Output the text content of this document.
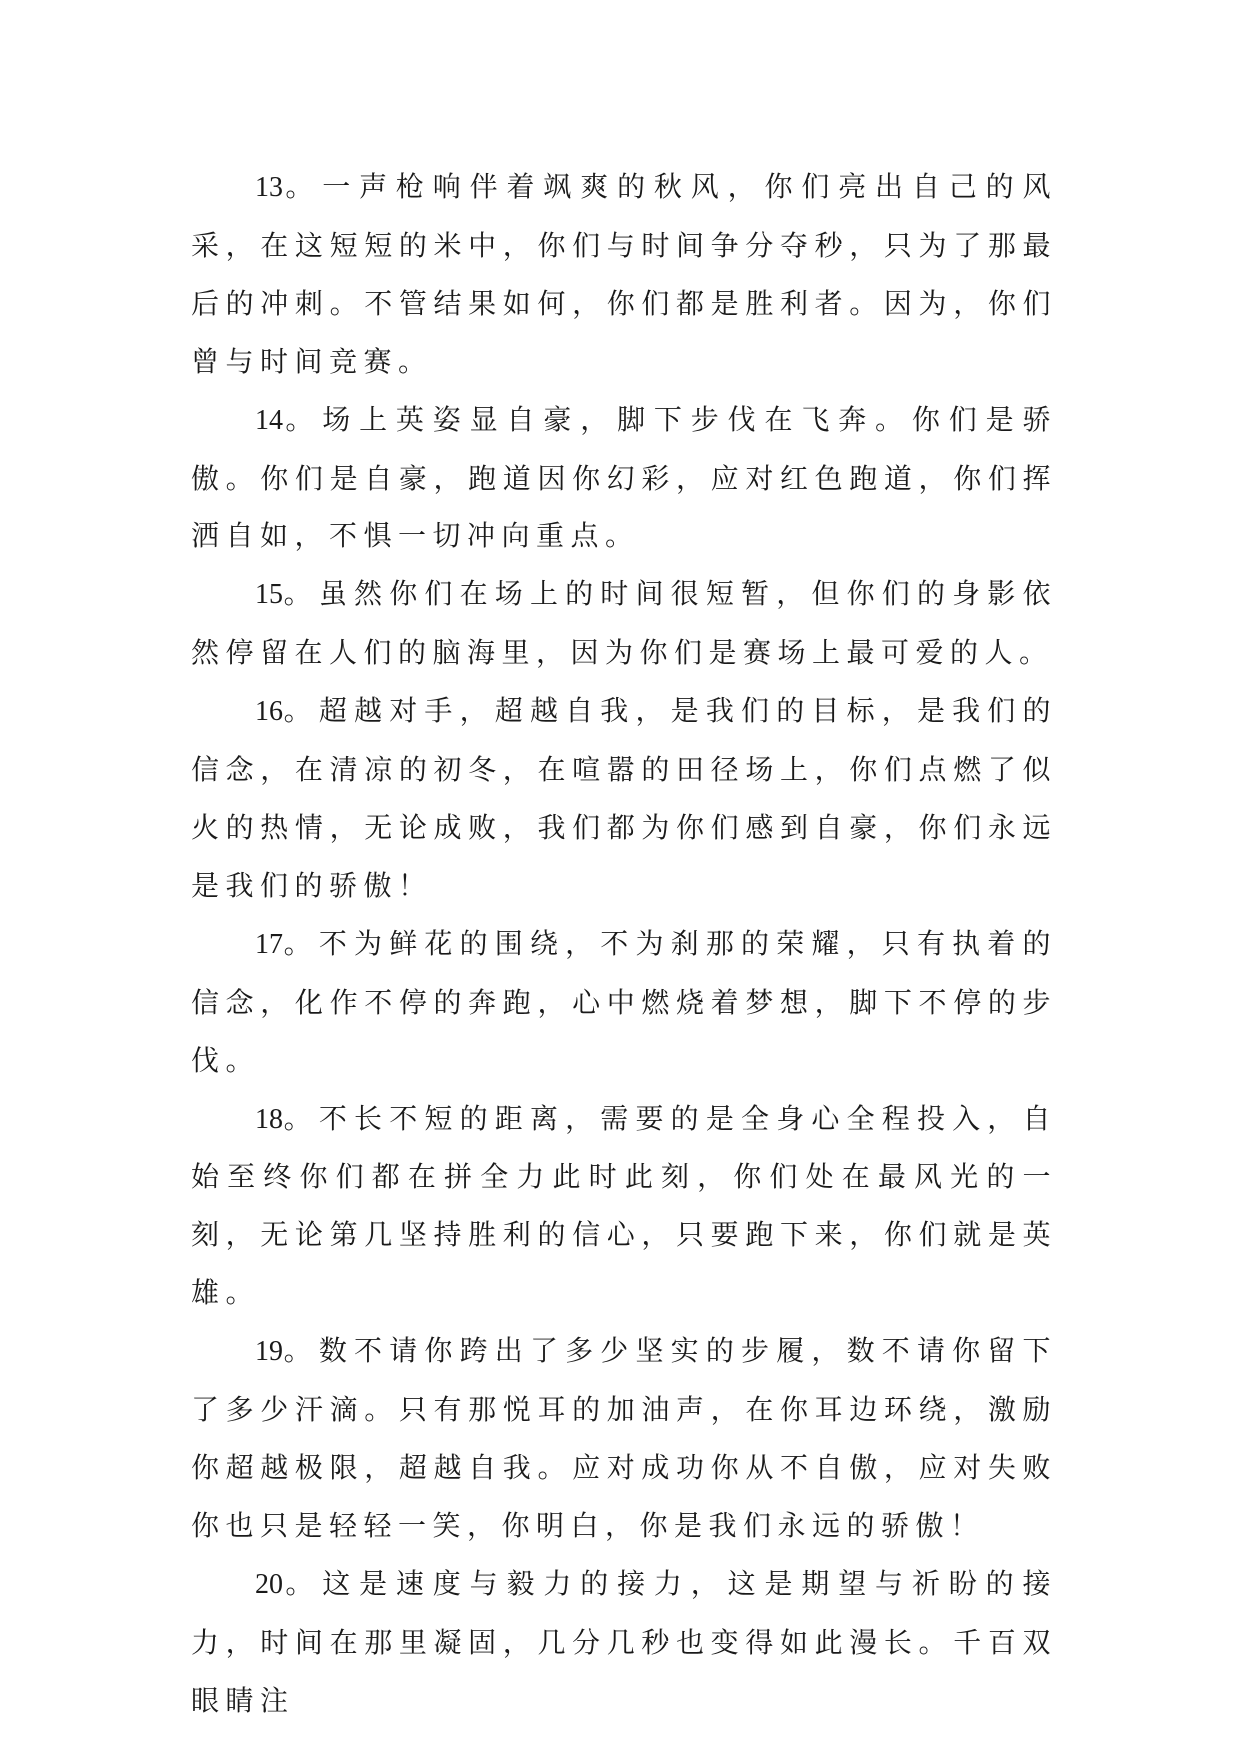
13。一声枪响伴着飒爽的秋风，你们亮出自己的风采，在这短短的米中，你们与时间争分夺秒，只为了那最后的冲刺。不管结果如何，你们都是胜利者。因为，你们曾与时间竞赛。

14。场上英姿显自豪，脚下步伐在飞奔。你们是骄傲。你们是自豪，跑道因你幻彩，应对红色跑道，你们挥洒自如，不惧一切冲向重点。

15。虽然你们在场上的时间很短暂，但你们的身影依然停留在人们的脑海里，因为你们是赛场上最可爱的人。

16。超越对手，超越自我，是我们的目标，是我们的信念，在清凉的初冬，在喧嚣的田径场上，你们点燃了似火的热情，无论成败，我们都为你们感到自豪，你们永远是我们的骄傲！

17。不为鲜花的围绕，不为刹那的荣耀，只有执着的信念，化作不停的奔跑，心中燃烧着梦想，脚下不停的步伐。

18。不长不短的距离，需要的是全身心全程投入，自始至终你们都在拼全力此时此刻，你们处在最风光的一刻，无论第几坚持胜利的信心，只要跑下来，你们就是英雄。

19。数不请你跨出了多少坚实的步履，数不请你留下了多少汗滴。只有那悦耳的加油声，在你耳边环绕，激励你超越极限，超越自我。应对成功你从不自傲，应对失败你也只是轻轻一笑，你明白，你是我们永远的骄傲！

20。这是速度与毅力的接力，这是期望与祈盼的接力，时间在那里凝固，几分几秒也变得如此漫长。千百双眼睛注
